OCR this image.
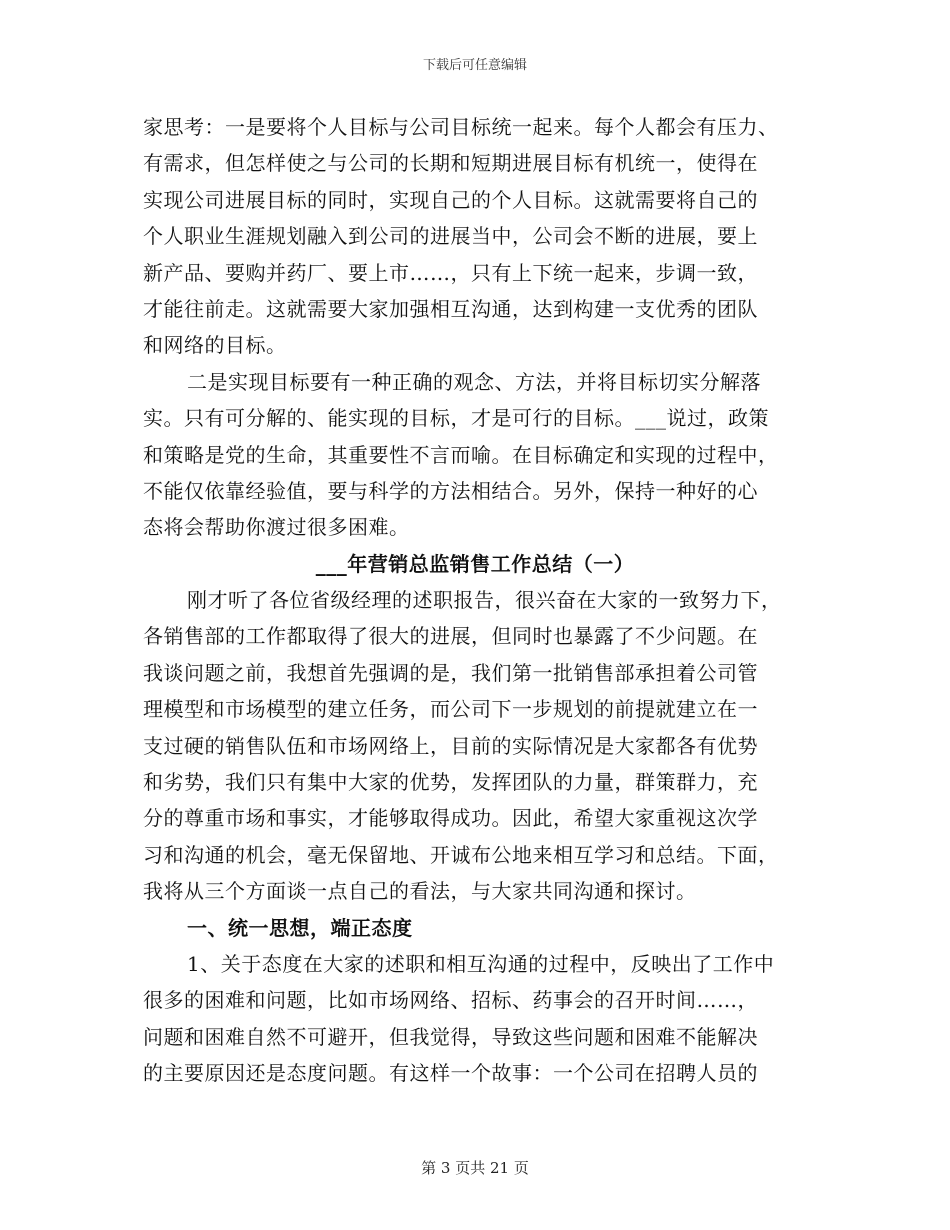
下载后可任意编辑
家思考：一是要将个人目标与公司目标统一起来。每个人都会有压力、
有需求，但怎样使之与公司的长期和短期进展目标有机统一，使得在
实现公司进展目标的同时，实现自己的个人目标。这就需要将自己的
个人职业生涯规划融入到公司的进展当中，公司会不断的进展，要上
新产品、要购并药厂、要上市……，只有上下统一起来，步调一致，
才能往前走。这就需要大家加强相互沟通，达到构建一支优秀的团队
和网络的目标。
二是实现目标要有一种正确的观念、方法，并将目标切实分解落
实。只有可分解的、能实现的目标，才是可行的目标。___说过，政策
和策略是党的生命，其重要性不言而喻。在目标确定和实现的过程中，
不能仅依靠经验值，要与科学的方法相结合。另外，保持一种好的心
态将会帮助你渡过很多困难。
___年营销总监销售工作总结（一）
刚才听了各位省级经理的述职报告，很兴奋在大家的一致努力下，
各销售部的工作都取得了很大的进展，但同时也暴露了不少问题。在
我谈问题之前，我想首先强调的是，我们第一批销售部承担着公司管
理模型和市场模型的建立任务，而公司下一步规划的前提就建立在一
支过硬的销售队伍和市场网络上，目前的实际情况是大家都各有优势
和劣势，我们只有集中大家的优势，发挥团队的力量，群策群力，充
分的尊重市场和事实，才能够取得成功。因此，希望大家重视这次学
习和沟通的机会，毫无保留地、开诚布公地来相互学习和总结。下面，
我将从三个方面谈一点自己的看法，与大家共同沟通和探讨。
一、统一思想，端正态度
1、关于态度在大家的述职和相互沟通的过程中，反映出了工作中
很多的困难和问题，比如市场网络、招标、药事会的召开时间……，
问题和困难自然不可避开，但我觉得，导致这些问题和困难不能解决
的主要原因还是态度问题。有这样一个故事：一个公司在招聘人员的
第 3 页共 21 页
